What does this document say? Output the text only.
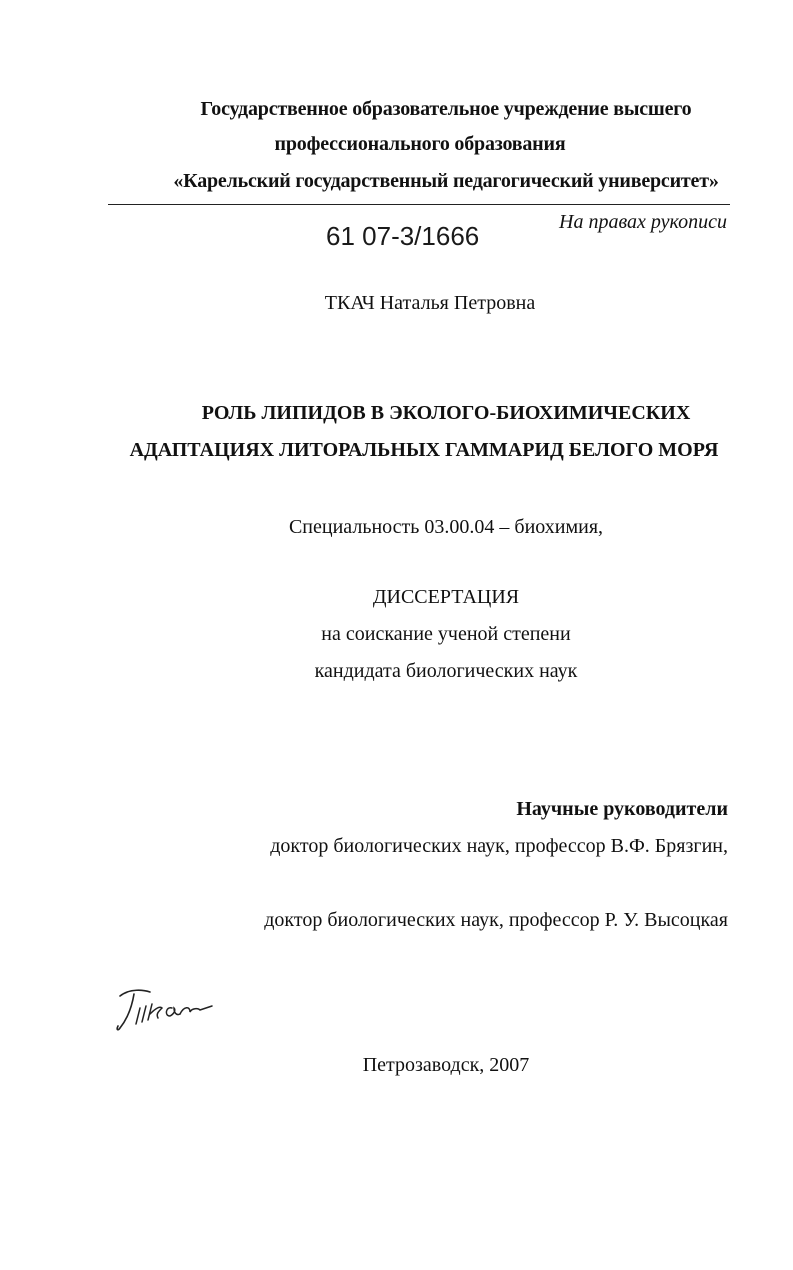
Государственное образовательное учреждение высшего
профессионального образования
«Карельский государственный педагогический университет»
61 07-3/1666	На правах рукописи
ТКАЧ Наталья Петровна
РОЛЬ ЛИПИДОВ В ЭКОЛОГО-БИОХИМИЧЕСКИХ
АДАПТАЦИЯХ ЛИТОРАЛЬНЫХ ГАММАРИД БЕЛОГО МОРЯ
Специальность 03.00.04 – биохимия,
ДИССЕРТАЦИЯ
на соискание ученой степени
кандидата биологических наук
Научные руководители
доктор биологических наук, профессор В.Ф. Брязгин,
доктор биологических наук, профессор Р. У. Высоцкая
Петрозаводск, 2007
